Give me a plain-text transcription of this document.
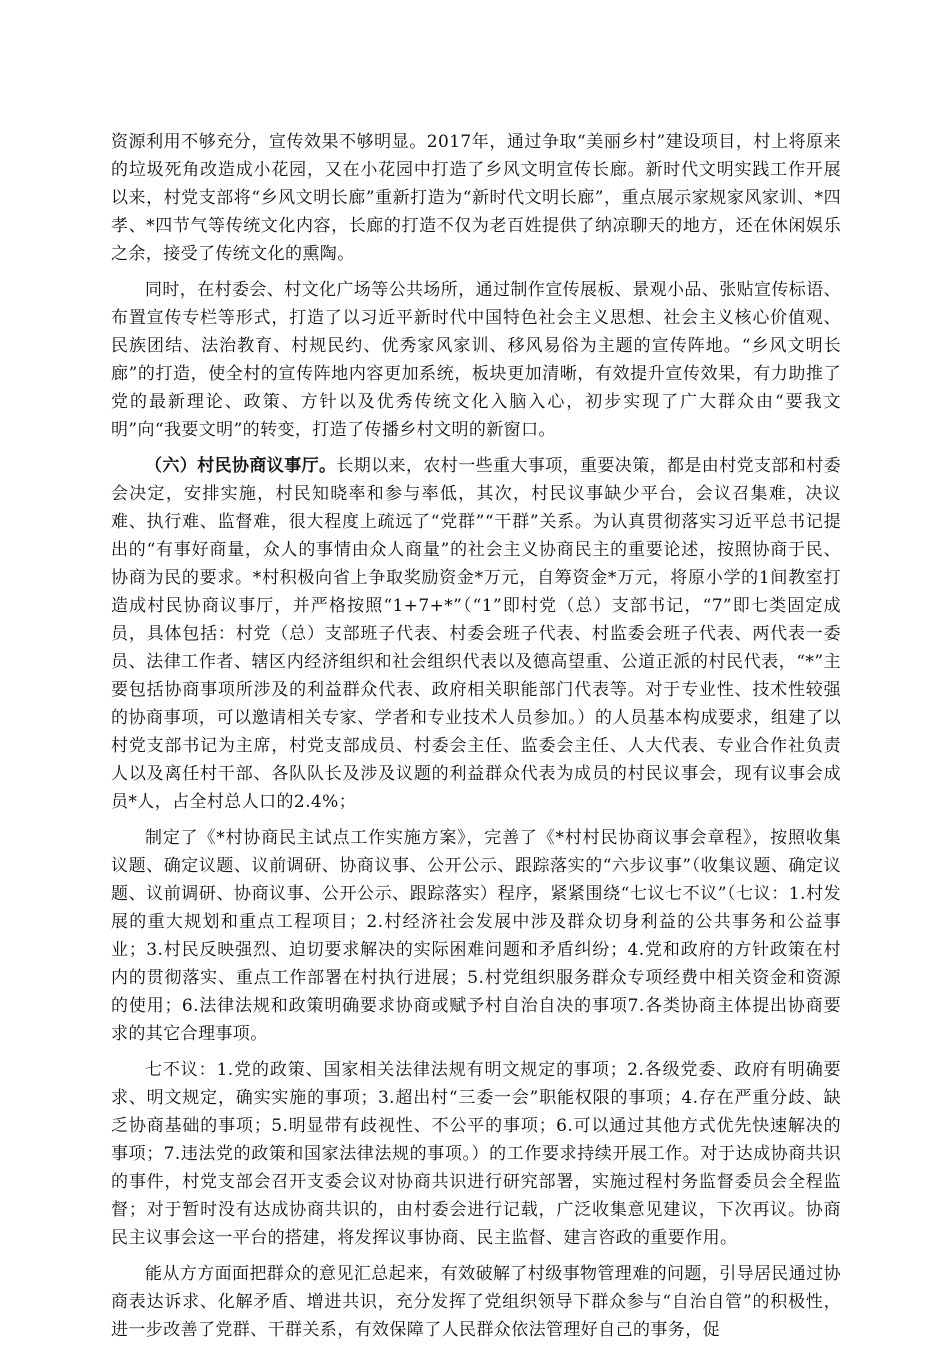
资源利用不够充分，宣传效果不够明显。2017年，通过争取“美丽乡村”建设项目，村上将原来的垃圾死角改造成小花园，又在小花园中打造了乡风文明宣传长廊。新时代文明实践工作开展以来，村党支部将“乡风文明长廊”重新打造为“新时代文明长廊”，重点展示家规家风家训、*四孝、*四节气等传统文化内容，长廊的打造不仅为老百姓提供了纳凉聊天的地方，还在休闲娱乐之余，接受了传统文化的熏陶。

同时，在村委会、村文化广场等公共场所，通过制作宣传展板、景观小品、张贴宣传标语、布置宣传专栏等形式，打造了以习近平新时代中国特色社会主义思想、社会主义核心价值观、民族团结、法治教育、村规民约、优秀家风家训、移风易俗为主题的宣传阵地。“乡风文明长廊”的打造，使全村的宣传阵地内容更加系统，板块更加清晰，有效提升宣传效果，有力助推了党的最新理论、政策、方针以及优秀传统文化入脑入心，初步实现了广大群众由“要我文明”向“我要文明”的转变，打造了传播乡村文明的新窗口。

（六）村民协商议事厅。长期以来，农村一些重大事项，重要决策，都是由村党支部和村委会决定，安排实施，村民知晓率和参与率低，其次，村民议事缺少平台，会议召集难，决议难、执行难、监督难，很大程度上疏远了“党群”“干群”关系。为认真贯彻落实习近平总书记提出的“有事好商量，众人的事情由众人商量”的社会主义协商民主的重要论述，按照协商于民、协商为民的要求。*村积极向省上争取奖励资金*万元，自筹资金*万元，将原小学的1间教室打造成村民协商议事厅，并严格按照“1+7+*”（“1”即村党（总）支部书记，“7”即七类固定成员，具体包括：村党（总）支部班子代表、村委会班子代表、村监委会班子代表、两代表一委员、法律工作者、辖区内经济组织和社会组织代表以及德高望重、公道正派的村民代表，“*”主要包括协商事项所涉及的利益群众代表、政府相关职能部门代表等。对于专业性、技术性较强的协商事项，可以邀请相关专家、学者和专业技术人员参加。）的人员基本构成要求，组建了以村党支部书记为主席，村党支部成员、村委会主任、监委会主任、人大代表、专业合作社负责人以及离任村干部、各队队长及涉及议题的利益群众代表为成员的村民议事会，现有议事会成员*人，占全村总人口的2.4%；

制定了《*村协商民主试点工作实施方案》，完善了《*村村民协商议事会章程》，按照收集议题、确定议题、议前调研、协商议事、公开公示、跟踪落实的“六步议事”（收集议题、确定议题、议前调研、协商议事、公开公示、跟踪落实）程序，紧紧围绕“七议七不议”（七议：1.村发展的重大规划和重点工程项目；2.村经济社会发展中涉及群众切身利益的公共事务和公益事业；3.村民反映强烈、迫切要求解决的实际困难问题和矛盾纠纷；4.党和政府的方针政策在村内的贯彻落实、重点工作部署在村执行进展；5.村党组织服务群众专项经费中相关资金和资源的使用；6.法律法规和政策明确要求协商或赋予村自治自决的事项7.各类协商主体提出协商要求的其它合理事项。

七不议：1.党的政策、国家相关法律法规有明文规定的事项；2.各级党委、政府有明确要求、明文规定，确实实施的事项；3.超出村“三委一会”职能权限的事项；4.存在严重分歧、缺乏协商基础的事项；5.明显带有歧视性、不公平的事项；6.可以通过其他方式优先快速解决的事项；7.违法党的政策和国家法律法规的事项。）的工作要求持续开展工作。对于达成协商共识的事件，村党支部会召开支委会议对协商共识进行研究部署，实施过程村务监督委员会全程监督；对于暂时没有达成协商共识的，由村委会进行记载，广泛收集意见建议，下次再议。协商民主议事会这一平台的搭建，将发挥议事协商、民主监督、建言咨政的重要作用。

能从方方面面把群众的意见汇总起来，有效破解了村级事物管理难的问题，引导居民通过协商表达诉求、化解矛盾、增进共识，充分发挥了党组织领导下群众参与“自治自管”的积极性，进一步改善了党群、干群关系，有效保障了人民群众依法管理好自己的事务，促
